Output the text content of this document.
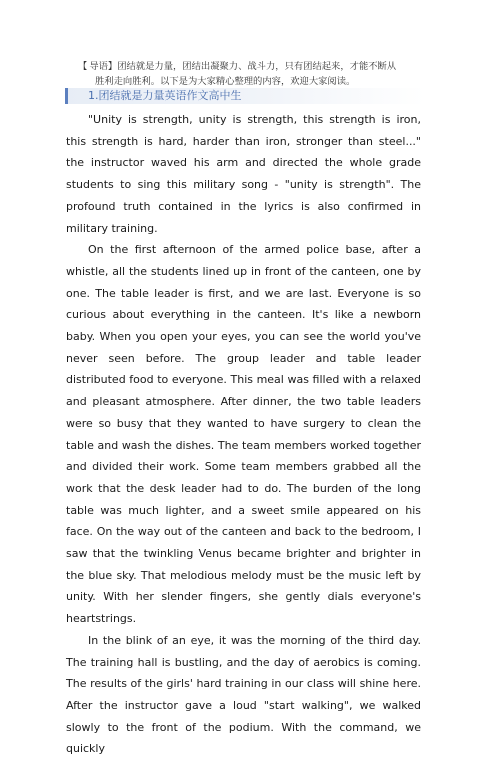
【 导语】团结就是力量，团结出凝聚力、战斗力，只有团结起来，才能不断从
胜利走向胜利。以下是为大家精心整理的内容，欢迎大家阅读。
1.团结就是力量英语作文高中生

"Unity is strength, unity is strength, this strength is iron, this strength is hard, harder than iron, stronger than steel..." the instructor waved his arm and directed the whole grade students to sing this military song - "unity is strength". The profound truth contained in the lyrics is also confirmed in military training.

On the first afternoon of the armed police base, after a whistle, all the students lined up in front of the canteen, one by one. The table leader is first, and we are last. Everyone is so curious about everything in the canteen. It's like a newborn baby. When you open your eyes, you can see the world you've never seen before. The group leader and table leader distributed food to everyone. This meal was filled with a relaxed and pleasant atmosphere. After dinner, the two table leaders were so busy that they wanted to have surgery to clean the table and wash the dishes. The team members worked together and divided their work. Some team members grabbed all the work that the desk leader had to do. The burden of the long table was much lighter, and a sweet smile appeared on his face. On the way out of the canteen and back to the bedroom, I saw that the twinkling Venus became brighter and brighter in the blue sky. That melodious melody must be the music left by unity. With her slender fingers, she gently dials everyone's heartstrings.

In the blink of an eye, it was the morning of the third day. The training hall is bustling, and the day of aerobics is coming. The results of the girls' hard training in our class will shine here. After the instructor gave a loud "start walking", we walked slowly to the front of the podium. With the command, we quickly
